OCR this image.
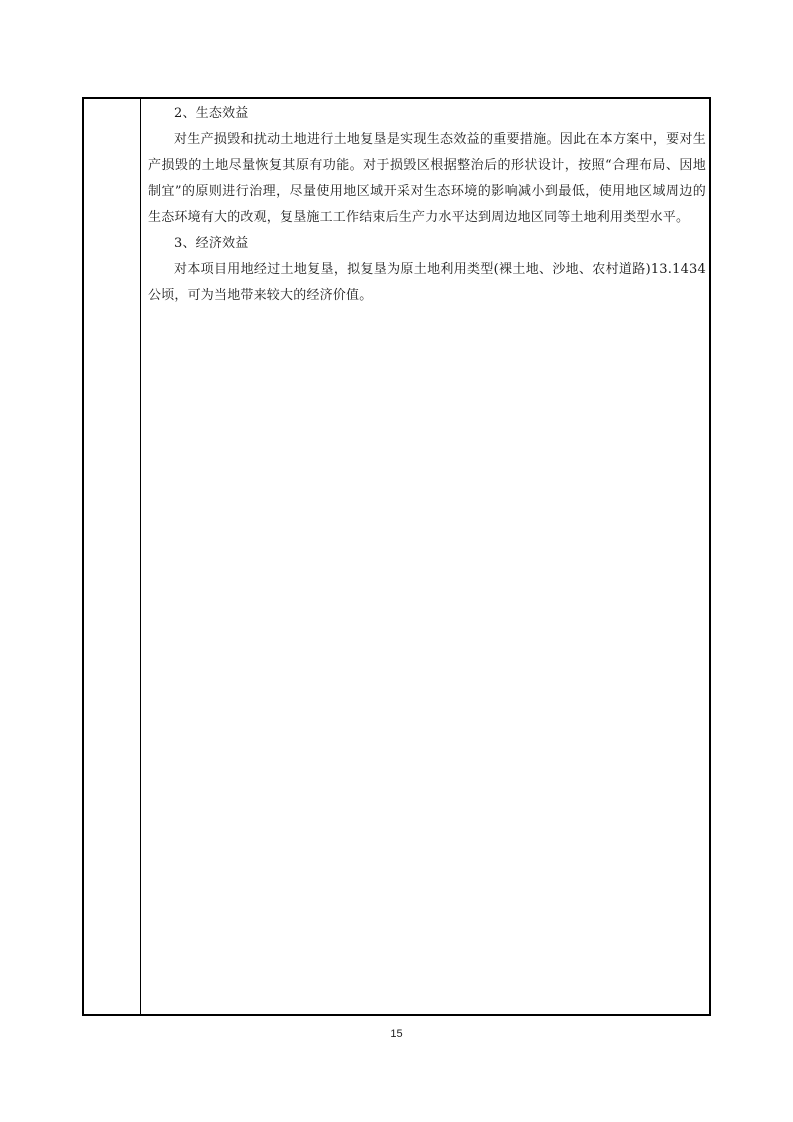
2、生态效益

对生产损毁和扰动土地进行土地复垦是实现生态效益的重要措施。因此在本方案中，要对生产损毁的土地尽量恢复其原有功能。对于损毁区根据整治后的形状设计，按照“合理布局、因地制宜”的原则进行治理，尽量使用地区域开采对生态环境的影响减小到最低，使用地区域周边的生态环境有大的改观，复垦施工工作结束后生产力水平达到周边地区同等土地利用类型水平。

3、经济效益

对本项目用地经过土地复垦，拟复垦为原土地利用类型(裸土地、沙地、农村道路)13.1434公顷，可为当地带来较大的经济价值。

15
